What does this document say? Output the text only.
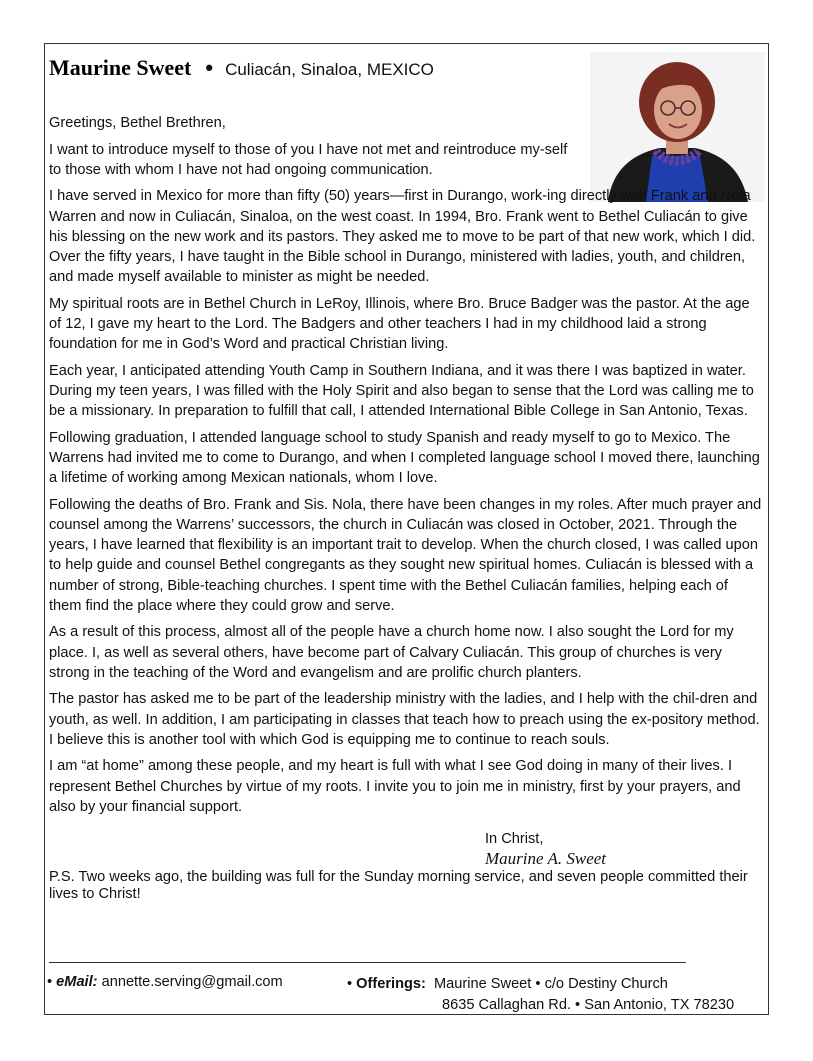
Maurine Sweet • Culiacán, Sinaloa, MEXICO

Greetings, Bethel Brethren,

I want to introduce myself to those of you I have not met and reintroduce my-self to those with whom I have not had ongoing communication.

I have served in Mexico for more than fifty (50) years—first in Durango, work-ing directly with Frank and Nola Warren and now in Culiacán, Sinaloa, on the west coast. In 1994, Bro. Frank went to Bethel Culiacán to give his blessing on the new work and its pastors. They asked me to move to be part of that new work, which I did. Over the fifty years, I have taught in the Bible school in Durango, ministered with ladies, youth, and children, and made myself available to minister as might be needed.

My spiritual roots are in Bethel Church in LeRoy, Illinois, where Bro. Bruce Badger was the pastor. At the age of 12, I gave my heart to the Lord. The Badgers and other teachers I had in my childhood laid a strong foundation for me in God’s Word and practical Christian living.

Each year, I anticipated attending Youth Camp in Southern Indiana, and it was there I was baptized in water. During my teen years, I was filled with the Holy Spirit and also began to sense that the Lord was calling me to be a missionary. In preparation to fulfill that call, I attended International Bible College in San Antonio, Texas.

Following graduation, I attended language school to study Spanish and ready myself to go to Mexico. The Warrens had invited me to come to Durango, and when I completed language school I moved there, launching a lifetime of working among Mexican nationals, whom I love.

Following the deaths of Bro. Frank and Sis. Nola, there have been changes in my roles. After much prayer and counsel among the Warrens’ successors, the church in Culiacán was closed in October, 2021. Through the years, I have learned that flexibility is an important trait to develop. When the church closed, I was called upon to help guide and counsel Bethel congregants as they sought new spiritual homes. Culiacán is blessed with a number of strong, Bible-teaching churches. I spent time with the Bethel Culiacán families, helping each of them find the place where they could grow and serve.

As a result of this process, almost all of the people have a church home now. I also sought the Lord for my place. I, as well as several others, have become part of Calvary Culiacán. This group of churches is very strong in the teaching of the Word and evangelism and are prolific church planters.

The pastor has asked me to be part of the leadership ministry with the ladies, and I help with the chil-dren and youth, as well. In addition, I am participating in classes that teach how to preach using the ex-pository method. I believe this is another tool with which God is equipping me to continue to reach souls.

I am “at home” among these people, and my heart is full with what I see God doing in many of their lives. I represent Bethel Churches by virtue of my roots. I invite you to join me in ministry, first by your prayers, and also by your financial support.

In Christ,
Maurine A. Sweet

P.S. Two weeks ago, the building was full for the Sunday morning service, and seven people committed their lives to Christ!

• eMail: annette.serving@gmail.com	• Offerings: Maurine Sweet • c/o Destiny Church
8635 Callaghan Rd. • San Antonio, TX 78230
